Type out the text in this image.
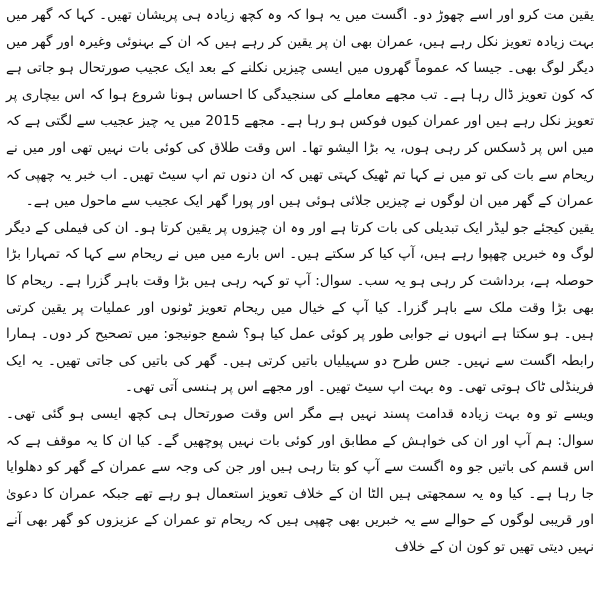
یقین مت کرو اور اسے چھوڑ دو۔ اگست میں یہ ہوا کہ وہ کچھ زیادہ ہی پریشان تھیں۔ کہا کہ گھر میں بہت زیادہ تعویز نکل رہے ہیں، عمران بھی ان پر یقین کر رہے ہیں کہ ان کے بہنوئی وغیرہ اور گھر میں دیگر لوگ بھی۔ جیسا کہ عموماً گھروں میں ایسی چیزیں نکلنے کے بعد ایک عجیب صورتحال ہو جاتی ہے کہ کون تعویز ڈال رہا ہے۔ تب مجھے معاملے کی سنجیدگی کا احساس ہونا شروع ہوا کہ اس بیچاری پر تعویز نکل رہے ہیں اور عمران کیوں فوکس ہو رہا ہے۔ مجھے 2015 میں یہ چیز عجیب سے لگتی ہے کہ میں اس پر ڈسکس کر رہی ہوں، یہ بڑا الیشو تھا۔ اس وقت طلاق کی کوئی بات نہیں تھی اور میں نے ریحام سے بات کی تو میں نے کہا تم ٹھیک کہتی تھیں کہ ان دنوں تم اپ سیٹ تھیں۔ اب خبر یہ چھپی کہ عمران کے گھر میں ان لوگوں نے چیزیں جلائی ہوئی ہیں اور پورا گھر ایک عجیب سے ماحول میں ہے۔

یقین کیجئے جو لیڈر ایک تبدیلی کی بات کرتا ہے اور وہ ان چیزوں پر یقین کرتا ہو۔ ان کی فیملی کے دیگر لوگ وہ خبریں چھپوا رہے ہیں، آپ کیا کر سکتے ہیں۔ اس بارے میں میں نے ریحام سے کہا کہ تمہارا بڑا حوصلہ ہے، برداشت کر رہی ہو یہ سب۔ سوال: آپ تو کہہ رہی ہیں بڑا وقت باہر گزرا ہے۔ ریحام کا بھی بڑا وقت ملک سے باہر گزرا۔ کیا آپ کے خیال میں ریحام تعویز ٹونوں اور عملیات پر یقین کرتی ہیں۔ ہو سکتا ہے انہوں نے جوابی طور پر کوئی عمل کیا ہو؟ شمع جونیجو: میں تصحیح کر دوں۔ ہمارا رابطہ اگست سے نہیں۔ جس طرح دو سہیلیاں باتیں کرتی ہیں۔ گھر کی باتیں کی جاتی تھیں۔ یہ ایک فرینڈلی ٹاک ہوتی تھی۔ وہ بہت اپ سیٹ تھیں۔ اور مجھے اس پر ہنسی آتی تھی۔

ویسے تو وہ بہت زیادہ قدامت پسند نہیں ہے مگر اس وقت صورتحال ہی کچھ ایسی ہو گئی تھی۔ سوال: ہم آپ اور ان کی خواہش کے مطابق اور کوئی بات نہیں پوچھیں گے۔ کیا ان کا یہ موقف ہے کہ اس قسم کی باتیں جو وہ اگست سے آپ کو بتا رہی ہیں اور جن کی وجہ سے عمران کے گھر کو دھلوایا جا رہا ہے۔ کیا وہ یہ سمجھتی ہیں الٹا ان کے خلاف تعویز استعمال ہو رہے تھے جبکہ عمران کا دعویٰ اور قریبی لوگوں کے حوالے سے یہ خبریں بھی چھپی ہیں کہ ریحام تو عمران کے عزیزوں کو گھر بھی آنے نہیں دیتی تھیں تو کون ان کے خلاف
